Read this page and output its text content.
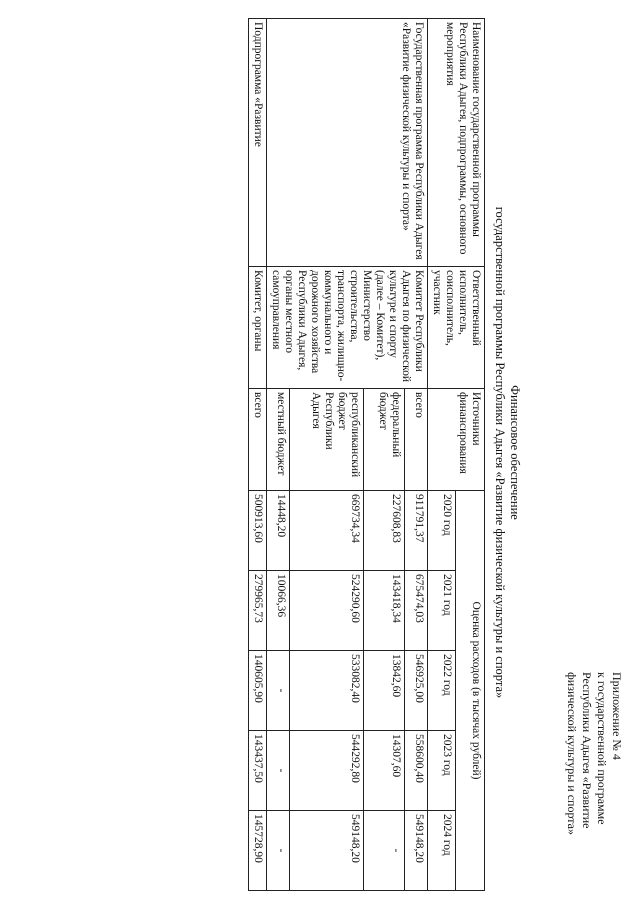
Приложение № 4
к государственной программе
Республики Адыгея «Развитие
физической культуры и спорта»
Финансовое обеспечение
государственной программы Республики Адыгея «Развитие физической культуры и спорта»
Наименование государственной программы Республики Адыгея, подпрограммы, основного мероприятия	Ответственный исполнитель, соисполнитель, участник	Источники финансирования	Оценка расходов (в тысячах рублей)				
			2020 год	2021 год	2022 год	2023 год	2024 год
Государственная программа Республики Адыгея «Развитие физической культуры и спорта»	Комитет Республики Адыгея по физической культуре и спорту (далее – Комитет), Министерство строительства, транспорта, жилищно-коммунального и дорожного хозяйства Республики Адыгея, органы местного самоуправления	всего	911791,37	675474,03	546925,00	558600,40	549148,20
		федеральный бюджет	227608,83	143418,34	13842,60	14307,60	-
		республиканский бюджет Республики Адыгея	669734,34	524290,60	533082,40	544292,80	549148,20
		местный бюджет	14448,20	10066,36	-	-	-
Подпрограмма «Развитие	Комитет, органы	всего	500913,60	279965,73	140605,90	143437,50	145728,90
